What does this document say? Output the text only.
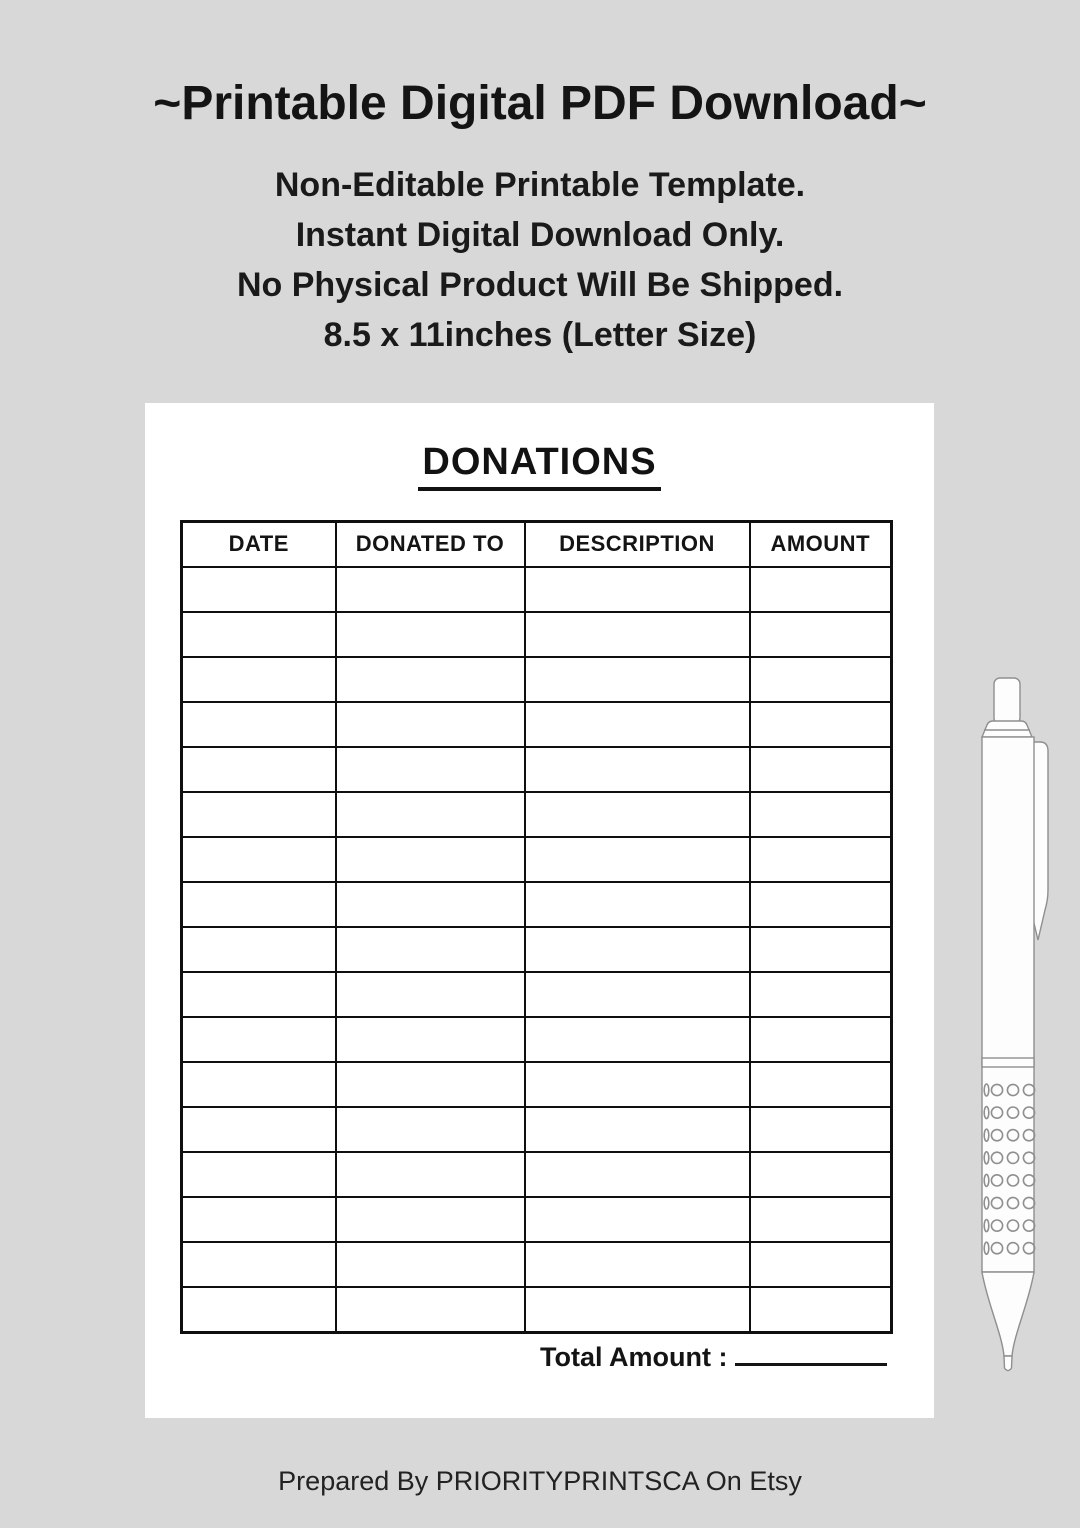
~Printable Digital PDF Download~
Non-Editable Printable Template.
Instant Digital Download Only.
No Physical Product Will Be Shipped.
8.5 x 11inches (Letter Size)
DONATIONS
DATE	DONATED TO	DESCRIPTION	AMOUNT

Total Amount :
Prepared By PRIORITYPRINTSCA On Etsy
